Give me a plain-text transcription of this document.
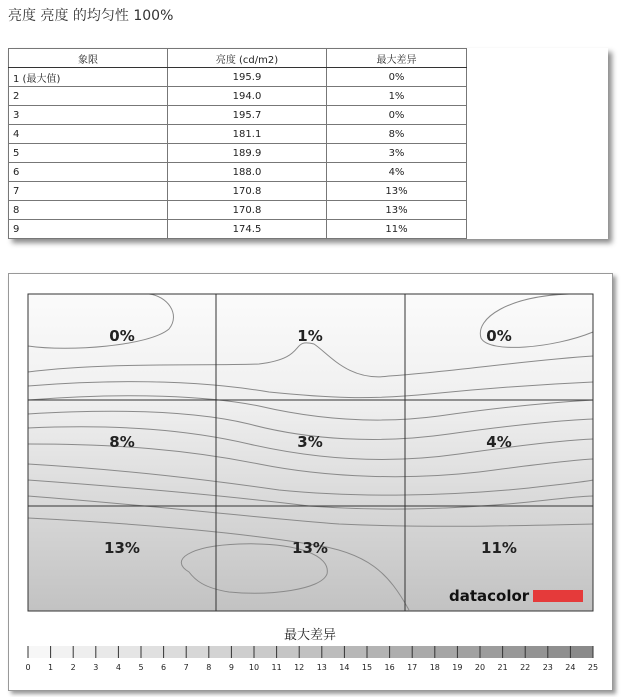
亮度 亮度 的均匀性 100%
象限	亮度 (cd/m2)	最大差异
1 (最大值)	195.9	0%
2	194.0	1%
3	195.7	0%
4	181.1	8%
5	189.9	3%
6	188.0	4%
7	170.8	13%
8	170.8	13%
9	174.5	11%
0%	1%	0%
8%	3%	4%
13%	13%	11%
datacolor
最大差异
0 1 2 3 4 5 6 7 8 9 10 11 12 13 14 15 16 17 18 19 20 21 22 23 24 25
